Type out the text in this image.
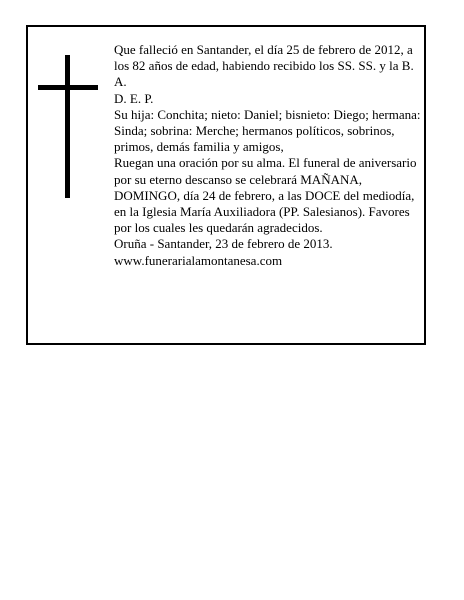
Que falleció en Santander, el día 25 de febrero de 2012, a los 82 años de edad, habiendo recibido los SS. SS. y la B. A.

D. E. P.

Su hija: Conchita; nieto: Daniel; bisnieto: Diego; hermana: Sinda; sobrina: Merche; hermanos políticos, sobrinos, primos, demás familia y amigos,

Ruegan una oración por su alma. El funeral de aniversario por su eterno descanso se celebrará MAÑANA, DOMINGO, día 24 de febrero, a las DOCE del mediodía, en la Iglesia María Auxiliadora (PP. Salesianos). Favores por los cuales les quedarán agradecidos.

Oruña - Santander, 23 de febrero de 2013.

www.funerarialamontanesa.com
